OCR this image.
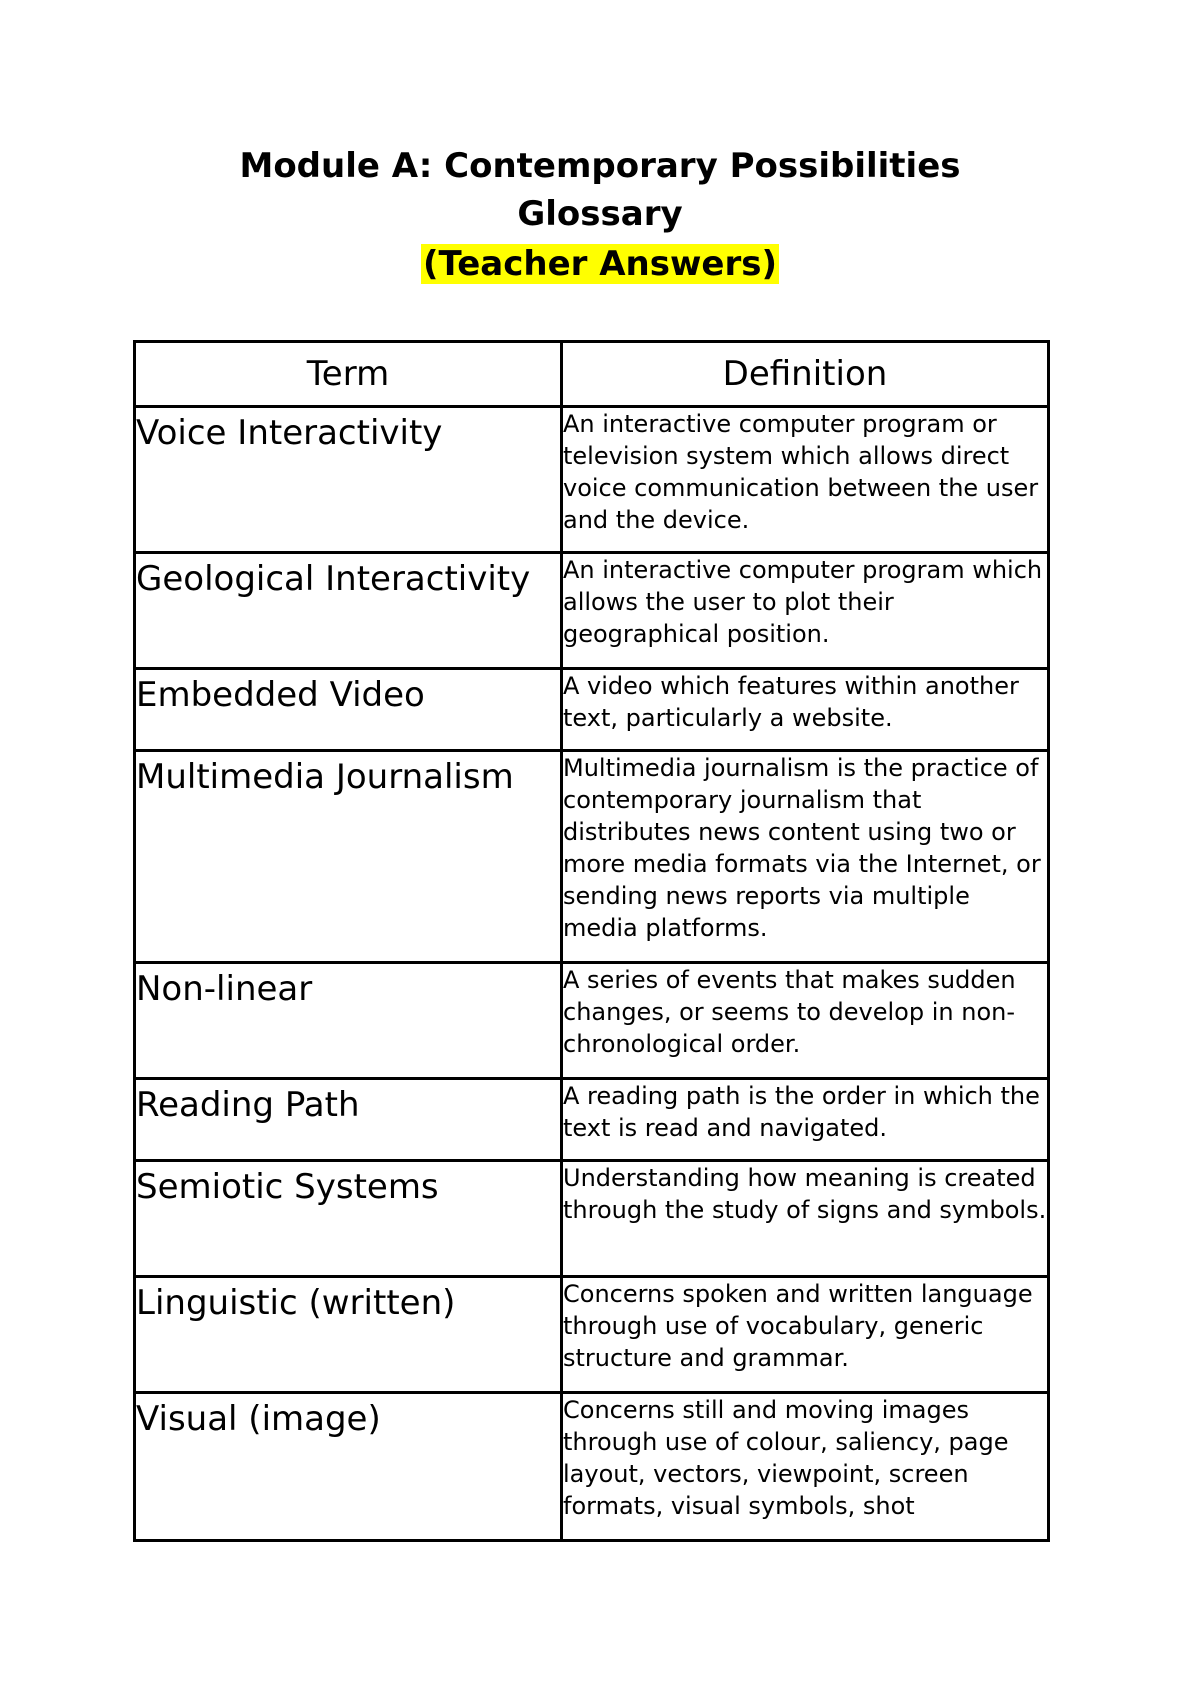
Module A: Contemporary Possibilities
Glossary
(Teacher Answers)
Term	Definition
Voice Interactivity	An interactive computer program or television system which allows direct voice communication between the user and the device.
Geological Interactivity	An interactive computer program which allows the user to plot their geographical position.
Embedded Video	A video which features within another text, particularly a website.
Multimedia Journalism	Multimedia journalism is the practice of contemporary journalism that distributes news content using two or more media formats via the Internet, or sending news reports via multiple media platforms.
Non-linear	A series of events that makes sudden changes, or seems to develop in non-chronological order.
Reading Path	A reading path is the order in which the text is read and navigated.
Semiotic Systems	Understanding how meaning is created through the study of signs and symbols.
Linguistic (written)	Concerns spoken and written language through use of vocabulary, generic structure and grammar.
Visual (image)	Concerns still and moving images through use of colour, saliency, page layout, vectors, viewpoint, screen formats, visual symbols, shot
